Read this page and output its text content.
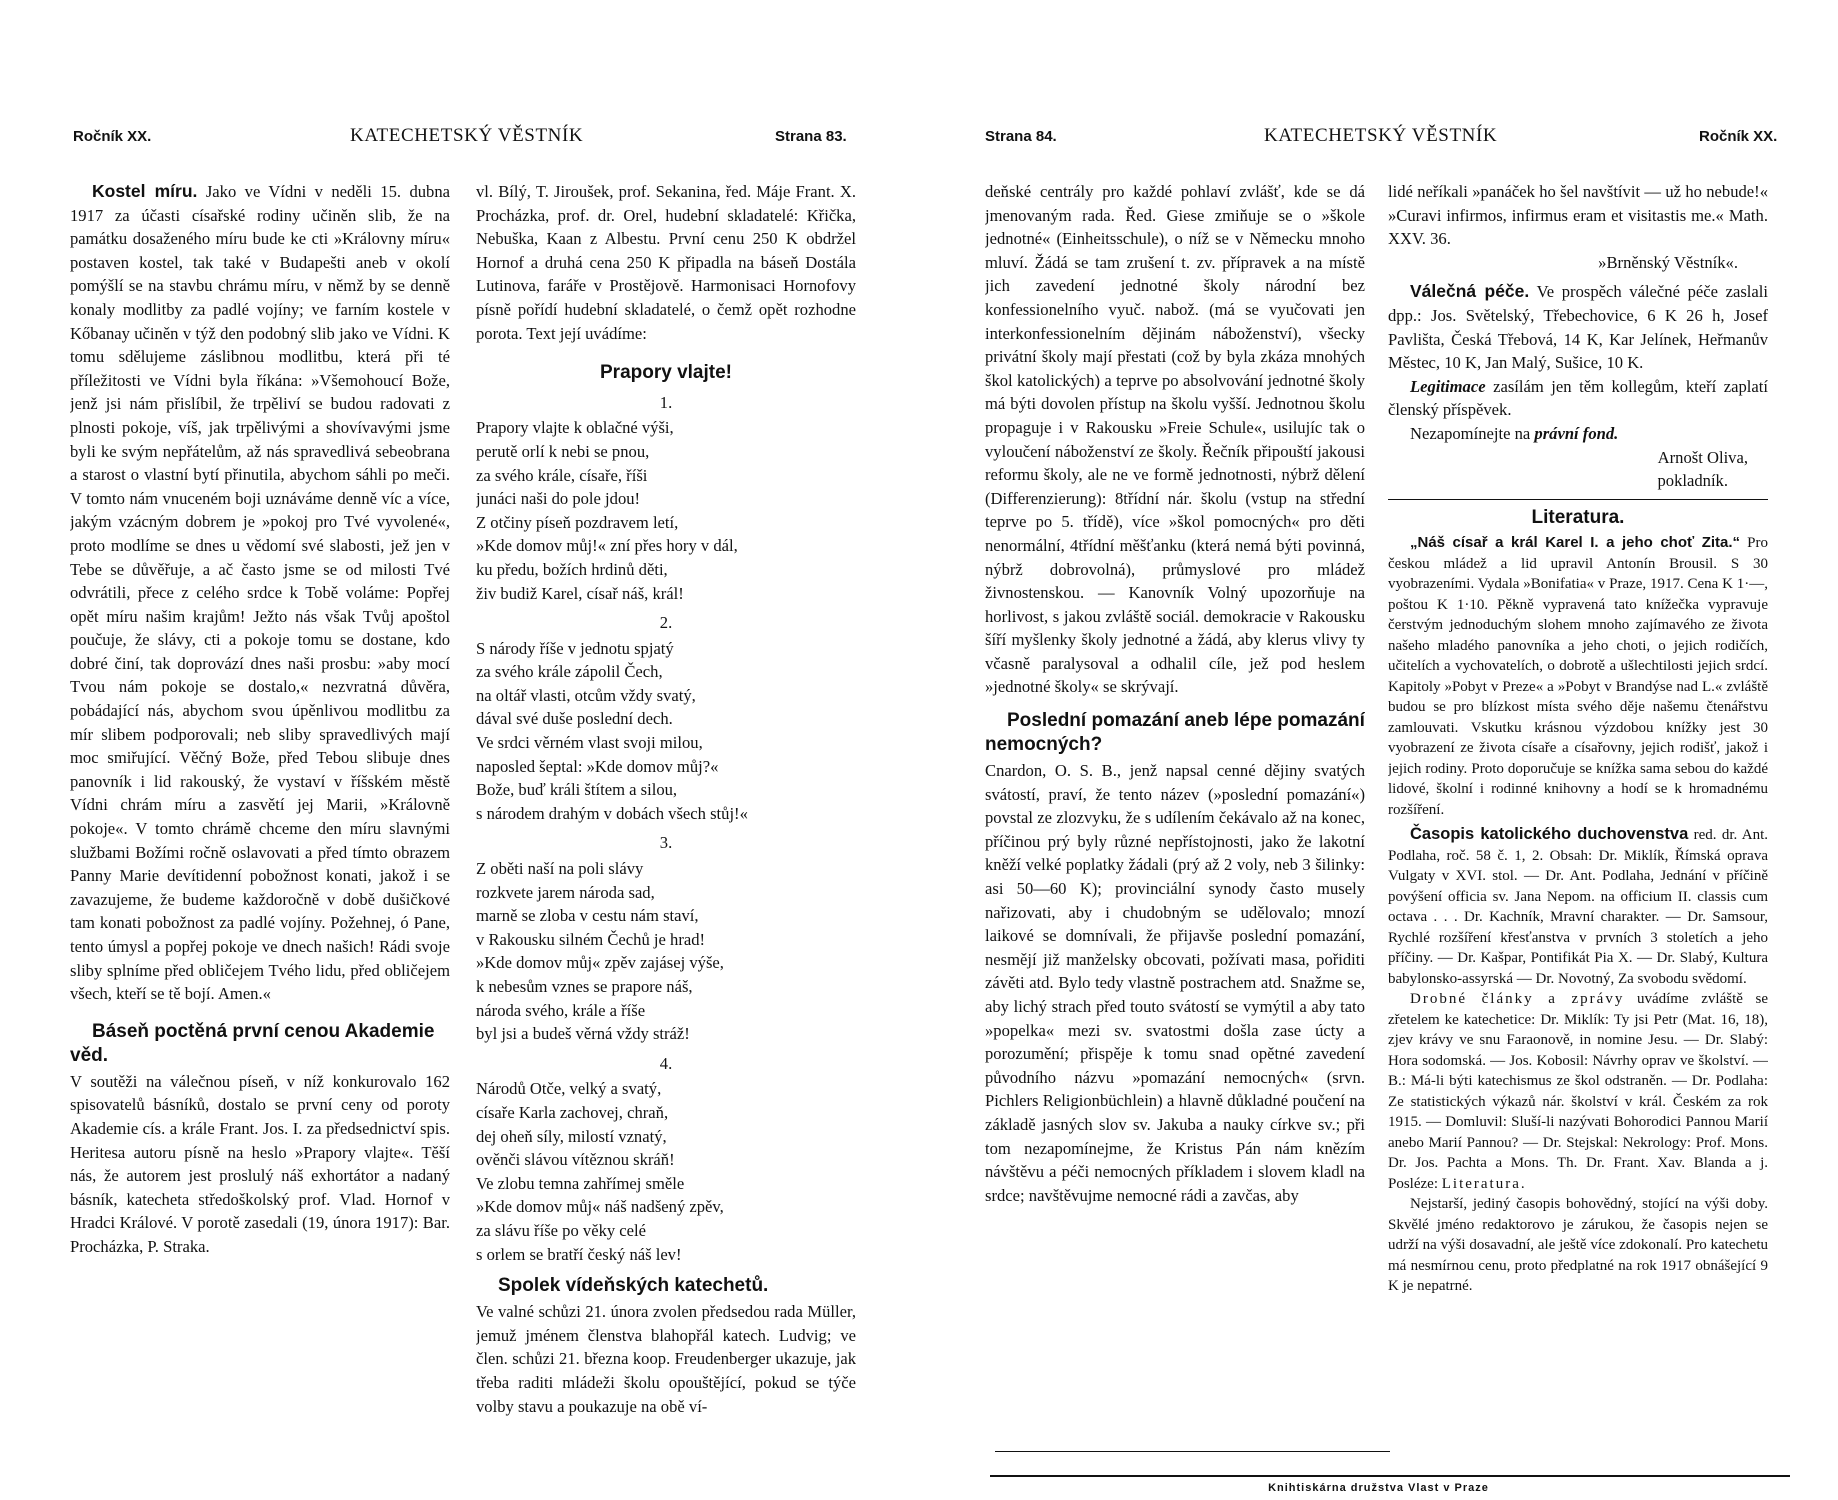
Ročník XX.	KATECHETSKÝ VĚSTNÍK	Strana 83.

Kostel míru. Jako ve Vídni v neděli 15. dubna 1917 za účasti císařské rodiny učiněn slib, že na památku dosaženého míru bude ke cti »Královny míru« postaven kostel, tak také v Budapešti aneb v okolí pomýšlí se na stavbu chrámu míru, v němž by se denně konaly modlitby za padlé vojíny; ve farním kostele v Kőbanay učiněn v týž den podobný slib jako ve Vídni. K tomu sdělujeme záslibnou modlitbu, která při té příležitosti ve Vídni byla říkána: »Všemohoucí Bože, jenž jsi nám přislíbil, že trpěliví se budou radovati z plnosti pokoje, víš, jak trpělivými a shovívavými jsme byli ke svým nepřátelům, až nás spravedlivá sebeobrana a starost o vlastní bytí přinutila, abychom sáhli po meči. V tomto nám vnuceném boji uznáváme denně víc a více, jakým vzácným dobrem je »pokoj pro Tvé vyvolené«, proto modlíme se dnes u vědomí své slabosti, jež jen v Tebe se důvěřuje, a ač často jsme se od milosti Tvé odvrátili, přece z celého srdce k Tobě voláme: Popřej opět míru našim krajům! Ježto nás však Tvůj apoštol poučuje, že slávy, cti a pokoje tomu se dostane, kdo dobré činí, tak doprovází dnes naši prosbu: »aby mocí Tvou nám pokoje se dostalo,« nezvratná důvěra, pobádající nás, abychom svou úpěnlivou modlitbu za mír slibem podporovali; neb sliby spravedlivých mají moc smiřující. Věčný Bože, před Tebou slibuje dnes panovník i lid rakouský, že vystaví v říšském městě Vídni chrám míru a zasvětí jej Marii, »Královně pokoje«. V tomto chrámě chceme den míru slavnými službami Božími ročně oslavovati a před tímto obrazem Panny Marie devítidenní pobožnost konati, jakož i se zavazujeme, že budeme každoročně v době dušičkové tam konati pobožnost za padlé vojíny. Požehnej, ó Pane, tento úmysl a popřej pokoje ve dnech našich! Rádi svoje sliby splníme před obličejem Tvého lidu, před obličejem všech, kteří se tě bojí. Amen.«

Báseň poctěná první cenou Akademie věd.

V soutěži na válečnou píseň, v níž konkurovalo 162 spisovatelů básníků, dostalo se první ceny od poroty Akademie cís. a krále Frant. Jos. I. za předsednictví spis. Heritesa autoru písně na heslo »Prapory vlajte«. Těší nás, že autorem jest proslulý náš exhortátor a nadaný básník, katecheta středoškolský prof. Vlad. Hornof v Hradci Králové. V porotě zasedali (19, února 1917): Bar. Procházka, P. Straka.

vl. Bílý, T. Jiroušek, prof. Sekanina, řed. Máje Frant. X. Procházka, prof. dr. Orel, hudební skladatelé: Křička, Nebuška, Kaan z Albestu. První cenu 250 K obdržel Hornof a druhá cena 250 K připadla na báseň Dostála Lutinova, faráře v Prostějově. Harmonisaci Hornofovy písně pořídí hudební skladatelé, o čemž opět rozhodne porota. Text její uvádíme:

Prapory vlajte!
1.
Prapory vlajte k oblačné výši,
perutě orlí k nebi se pnou,
za svého krále, císaře, říši
junáci naši do pole jdou!
Z otčiny píseň pozdravem letí,
»Kde domov můj!« zní přes hory v dál,
ku předu, božích hrdinů děti,
živ budiž Karel, císař náš, král!
2.
S národy říše v jednotu spjatý
za svého krále zápolil Čech,
na oltář vlasti, otcům vždy svatý,
dával své duše poslední dech.
Ve srdci věrném vlast svoji milou,
naposled šeptal: »Kde domov můj?«
Bože, buď králi štítem a silou,
s národem drahým v dobách všech stůj!«
3.
Z oběti naší na poli slávy
rozkvete jarem národa sad,
marně se zloba v cestu nám staví,
v Rakousku silném Čechů je hrad!
»Kde domov můj« zpěv zajásej výše,
k nebesům vznes se prapore náš,
národa svého, krále a říše
byl jsi a budeš věrná vždy stráž!
4.
Národů Otče, velký a svatý,
císaře Karla zachovej, chraň,
dej oheň síly, milostí vznatý,
ověnči slávou vítěznou skráň!
Ve zlobu temna zahřímej směle
»Kde domov můj« náš nadšený zpěv,
za slávu říše po věky celé
s orlem se bratří český náš lev!
Spolek vídeňských katechetů.

Ve valné schůzi 21. února zvolen předsedou rada Müller, jemuž jménem členstva blahopřál katech. Ludvig; ve člen. schůzi 21. března koop. Freudenberger ukazuje, jak třeba raditi mládeži školu opouštějící, pokud se týče volby stavu a poukazuje na obě ví-

Strana 84.	KATECHETSKÝ VĚSTNÍK	Ročník XX.

deňské centrály pro každé pohlaví zvlášť, kde se dá jmenovaným rada. Řed. Giese zmiňuje se o »škole jednotné« (Einheitsschule), o níž se v Německu mnoho mluví. Žádá se tam zrušení t. zv. přípravek a na místě jich zavedení jednotné školy národní bez konfessionelního vyuč. nabož. (má se vyučovati jen interkonfessionelním dějinám náboženství), všecky privátní školy mají přestati (což by byla zkáza mnohých škol katolických) a teprve po absolvování jednotné školy má býti dovolen přístup na školu vyšší. Jednotnou školu propaguje i v Rakousku »Freie Schule«, usilujíc tak o vyloučení náboženství ze školy. Řečník připouští jakousi reformu školy, ale ne ve formě jednotnosti, nýbrž dělení (Differenzierung): 8třídní nár. školu (vstup na střední teprve po 5. třídě), více »škol pomocných« pro děti nenormální, 4třídní měšťanku (která nemá býti povinná, nýbrž dobrovolná), průmyslové pro mládež živnostenskou. — Kanovník Volný upozorňuje na horlivost, s jakou zvláště sociál. demokracie v Rakousku šíří myšlenky školy jednotné a žádá, aby klerus vlivy ty včasně paralysoval a odhalil cíle, jež pod heslem »jednotné školy« se skrývají.

Poslední pomazání aneb lépe pomazání nemocných?

Cnardon, O. S. B., jenž napsal cenné dějiny svatých svátostí, praví, že tento název (»poslední pomazání«) povstal ze zlozvyku, že s udílením čekávalo až na konec, příčinou prý byly různé nepřístojnosti, jako že lakotní kněží velké poplatky žádali (prý až 2 voly, neb 3 šilinky: asi 50—60 K); provinciální synody často musely nařizovati, aby i chudobným se udělovalo; mnozí laikové se domnívali, že přijavše poslední pomazání, nesmějí již manželsky obcovati, požívati masa, pořiditi závěti atd. Bylo tedy vlastně postrachem atd. Snažme se, aby lichý strach před touto svátostí se vymýtil a aby tato »popelka« mezi sv. svatostmi došla zase úcty a porozumění; přispěje k tomu snad opětné zavedení původního názvu »pomazání nemocných« (srvn. Pichlers Religionbüchlein) a hlavně důkladné poučení na základě jasných slov sv. Jakuba a nauky církve sv.; při tom nezapomínejme, že Kristus Pán nám knězím návštěvu a péči nemocných příkladem i slovem kladl na srdce; navštěvujme nemocné rádi a zavčas, aby

lidé neříkali »panáček ho šel navštívit — už ho nebude!« »Curavi infirmos, infirmus eram et visitastis me.« Math. XXV. 36.

»Brněnský Věstník«.

Válečná péče. Ve prospěch válečné péče zaslali dpp.: Jos. Světelský, Třebechovice, 6 K 26 h, Josef Pavlišta, Česká Třebová, 14 K, Kar Jelínek, Heřmanův Městec, 10 K, Jan Malý, Sušice, 10 K.

Legitimace zasílám jen těm kollegům, kteří zaplatí členský příspěvek.

Nezapomínejte na právní fond.

Arnošt Oliva,

pokladník.

Literatura.

„Náš císař a král Karel I. a jeho choť Zita.“ Pro českou mládež a lid upravil Antonín Brousil. S 30 vyobrazeními. Vydala »Bonifatia« v Praze, 1917. Cena K 1·—, poštou K 1·10. Pěkně vypravená tato knížečka vypravuje čerstvým jednoduchým slohem mnoho zajímavého ze života našeho mladého panovníka a jeho choti, o jejich rodičích, učitelích a vychovatelích, o dobrotě a ušlechtilosti jejich srdcí. Kapitoly »Pobyt v Preze« a »Pobyt v Brandýse nad L.« zvláště budou se pro blízkost místa svého děje našemu čtenářstvu zamlouvati. Vskutku krásnou výzdobou knížky jest 30 vyobrazení ze života císaře a císařovny, jejich rodišť, jakož i jejich rodiny. Proto doporučuje se knížka sama sebou do každé lidové, školní i rodinné knihovny a hodí se k hromadnému rozšíření.

Časopis katolického duchovenstva red. dr. Ant. Podlaha, roč. 58 č. 1, 2. Obsah: Dr. Miklík, Římská oprava Vulgaty v XVI. stol. — Dr. Ant. Podlaha, Jednání v příčině povýšení officia sv. Jana Nepom. na officium II. classis cum octava . . . Dr. Kachník, Mravní charakter. — Dr. Samsour, Rychlé rozšíření křesťanstva v prvních 3 stoletích a jeho příčiny. — Dr. Kašpar, Pontifikát Pia X. — Dr. Slabý, Kultura babylonsko-assyrská — Dr. Novotný, Za svobodu svědomí.

Drobné články a zprávy uvádíme zvláště se zřetelem ke katechetice: Dr. Miklík: Ty jsi Petr (Mat. 16, 18), zjev krávy ve snu Faraonově, in nomine Jesu. — Dr. Slabý: Hora sodomská. — Jos. Kobosil: Návrhy oprav ve školství. — B.: Má-li býti katechismus ze škol odstraněn. — Dr. Podlaha: Ze statistických výkazů nár. školství v král. Českém za rok 1915. — Domluvil: Sluší-li nazývati Bohorodici Pannou Marií anebo Marií Pannou? — Dr. Stejskal: Nekrology: Prof. Mons. Dr. Jos. Pachta a Mons. Th. Dr. Frant. Xav. Blanda a j. Posléze: Literatura.

Nejstarší, jediný časopis bohovědný, stojící na výši doby. Skvělé jméno redaktorovo je zárukou, že časopis nejen se udrží na výši dosavadní, ale ještě více zdokonalí. Pro katechetu má nesmírnou cenu, proto předplatné na rok 1917 obnášející 9 K je nepatrné.

Knihtiskárna družstva Vlast v Praze
